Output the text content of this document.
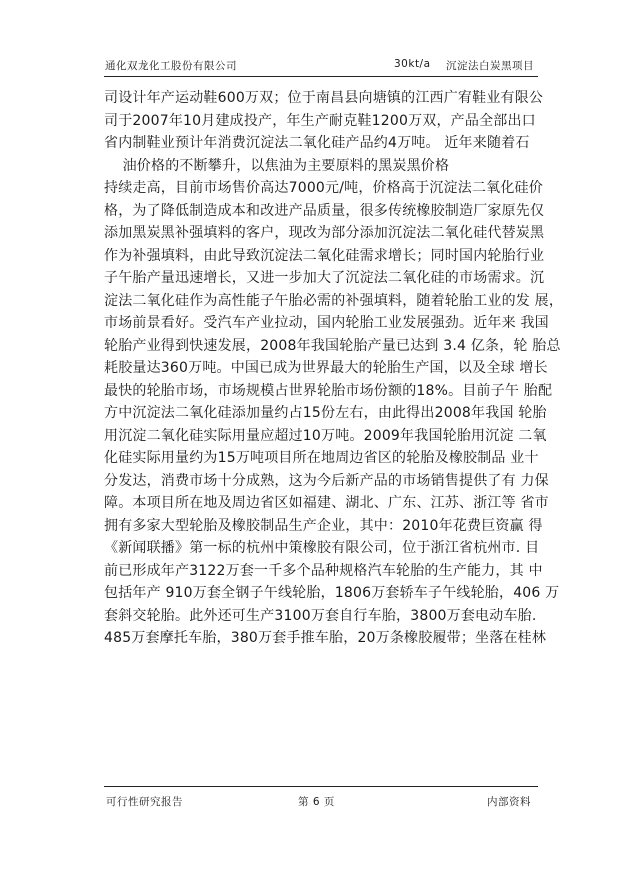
通化双龙化工股份有限公司	30kt/a 沉淀法白炭黑项目
司设计年产运动鞋600万双；位于南昌县向塘镇的江西广宥鞋业有限公
司于2007年10月建成投产，年生产耐克鞋1200万双，产品全部出口
省内制鞋业预计年消费沉淀法二氧化硅产品约4万吨。 近年来随着石
油价格的不断攀升，以焦油为主要原料的黑炭黑价格
持续走高，目前市场售价高达7000元/吨，价格高于沉淀法二氧化硅价
格，为了降低制造成本和改进产品质量，很多传统橡胶制造厂家原先仅
添加黑炭黑补强填料的客户，现改为部分添加沉淀法二氧化硅代替炭黑
作为补强填料，由此导致沉淀法二氧化硅需求增长；同时国内轮胎行业
子午胎产量迅速增长，又进一步加大了沉淀法二氧化硅的市场需求。沉
淀法二氧化硅作为高性能子午胎必需的补强填料，随着轮胎工业的发 展，
市场前景看好。受汽车产业拉动，国内轮胎工业发展强劲。近年来 我国
轮胎产业得到快速发展，2008年我国轮胎产量已达到 3.4 亿条，轮 胎总
耗胶量达360万吨。中国已成为世界最大的轮胎生产国，以及全球 增长
最快的轮胎市场，市场规模占世界轮胎市场份额的18%。目前子午 胎配
方中沉淀法二氧化硅添加量约占15份左右，由此得出2008年我国 轮胎
用沉淀二氧化硅实际用量应超过10万吨。2009年我国轮胎用沉淀 二氧
化硅实际用量约为15万吨项目所在地周边省区的轮胎及橡胶制品 业十
分发达，消费市场十分成熟，这为今后新产品的市场销售提供了有 力保
障。本项目所在地及周边省区如福建、湖北、广东、江苏、浙江等 省市
拥有多家大型轮胎及橡胶制品生产企业，其中：2010年花费巨资赢 得
《新闻联播》第一标的杭州中策橡胶有限公司，位于浙江省杭州市. 目
前已形成年产3122万套一千多个品种规格汽车轮胎的生产能力，其 中
包括年产 910万套全钢子午线轮胎，1806万套轿车子午线轮胎，406 万
套斜交轮胎。此外还可生产3100万套自行车胎，3800万套电动车胎.
485万套摩托车胎，380万套手推车胎，20万条橡胶履带；坐落在桂林
可行性研究报告	第 6 页	内部资料
